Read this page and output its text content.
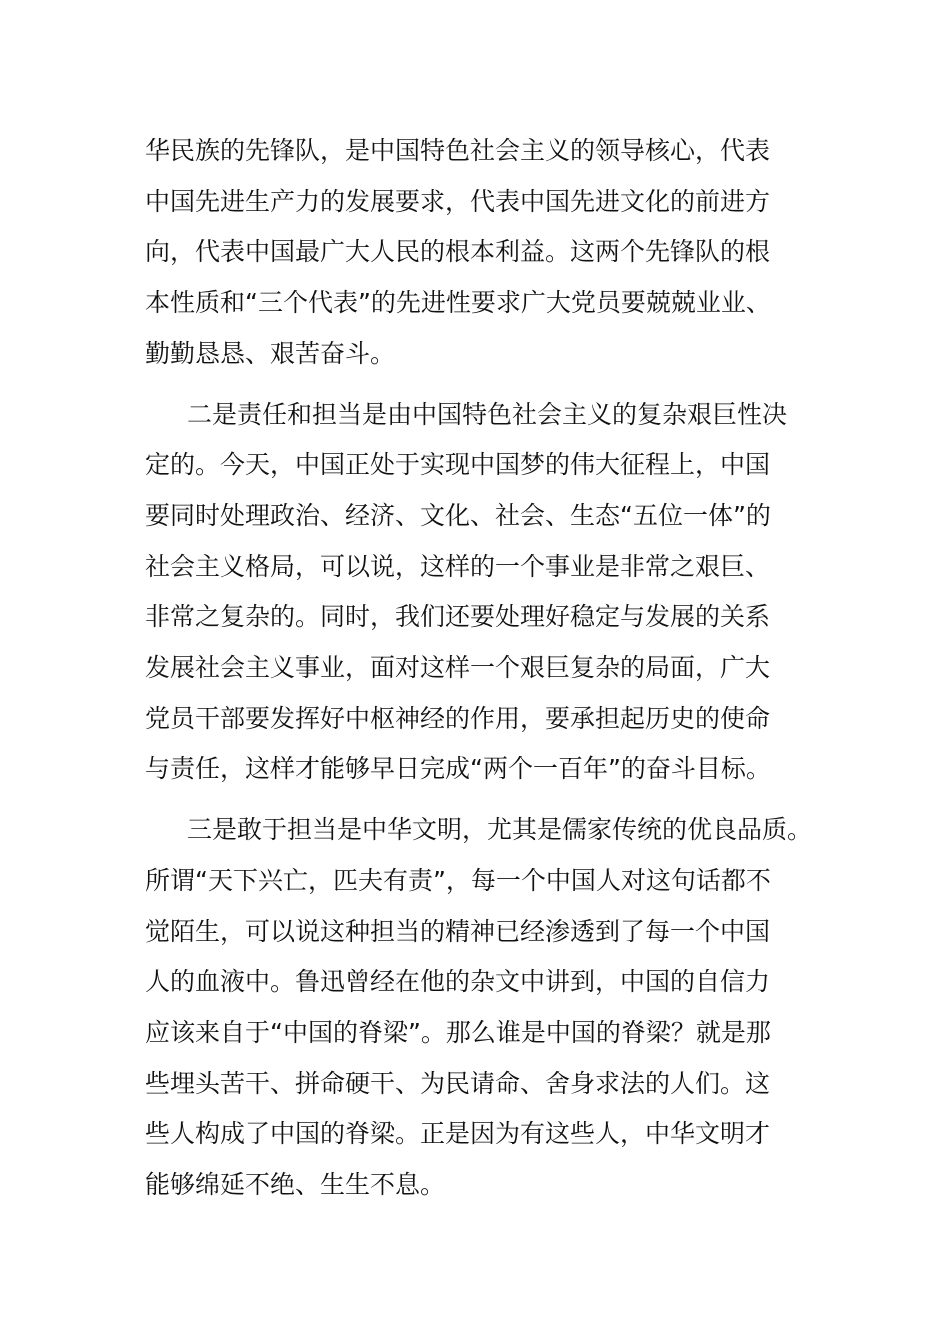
华民族的先锋队，是中国特色社会主义的领导核心，代表
中国先进生产力的发展要求，代表中国先进文化的前进方
向，代表中国最广大人民的根本利益。这两个先锋队的根
本性质和“三个代表”的先进性要求广大党员要兢兢业业、
勤勤恳恳、艰苦奋斗。

二是责任和担当是由中国特色社会主义的复杂艰巨性决
定的。今天，中国正处于实现中国梦的伟大征程上，中国
要同时处理政治、经济、文化、社会、生态“五位一体”的
社会主义格局，可以说，这样的一个事业是非常之艰巨、
非常之复杂的。同时，我们还要处理好稳定与发展的关系
发展社会主义事业，面对这样一个艰巨复杂的局面，广大
党员干部要发挥好中枢神经的作用，要承担起历史的使命
与责任，这样才能够早日完成“两个一百年”的奋斗目标。

三是敢于担当是中华文明，尤其是儒家传统的优良品质。
所谓“天下兴亡，匹夫有责”，每一个中国人对这句话都不
觉陌生，可以说这种担当的精神已经渗透到了每一个中国
人的血液中。鲁迅曾经在他的杂文中讲到，中国的自信力
应该来自于“中国的脊梁”。那么谁是中国的脊梁？就是那
些埋头苦干、拼命硬干、为民请命、舍身求法的人们。这
些人构成了中国的脊梁。正是因为有这些人，中华文明才
能够绵延不绝、生生不息。
